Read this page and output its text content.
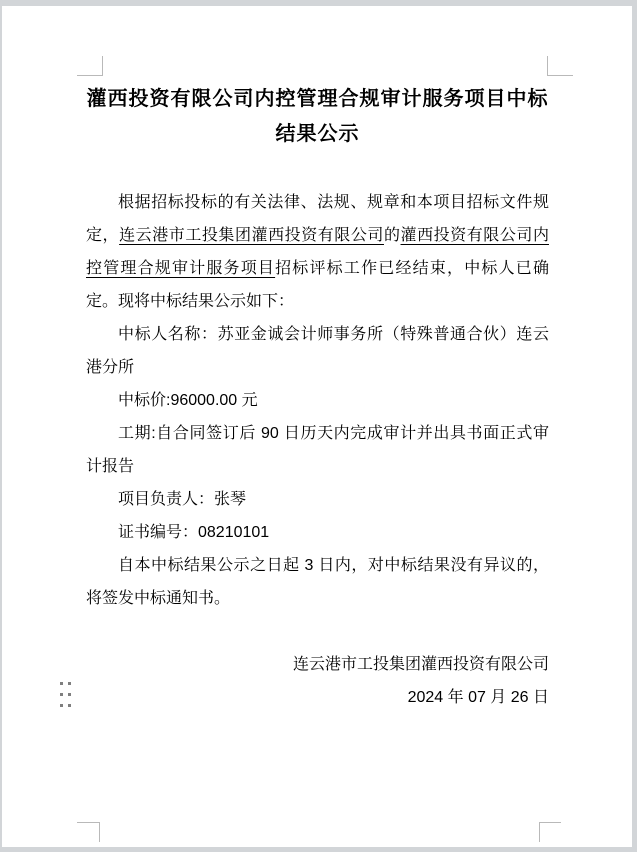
灌西投资有限公司内控管理合规审计服务项目中标
结果公示

根据招标投标的有关法律、法规、规章和本项目招标文件规定，连云港市工投集团灌西投资有限公司的灌西投资有限公司内控管理合规审计服务项目招标评标工作已经结束，中标人已确定。现将中标结果公示如下：

中标人名称：苏亚金诚会计师事务所（特殊普通合伙）连云港分所

中标价:96000.00 元

工期:自合同签订后 90 日历天内完成审计并出具书面正式审计报告

项目负责人：张琴

证书编号：08210101

自本中标结果公示之日起 3 日内，对中标结果没有异议的，将签发中标通知书。

连云港市工投集团灌西投资有限公司
2024 年 07 月 26 日
